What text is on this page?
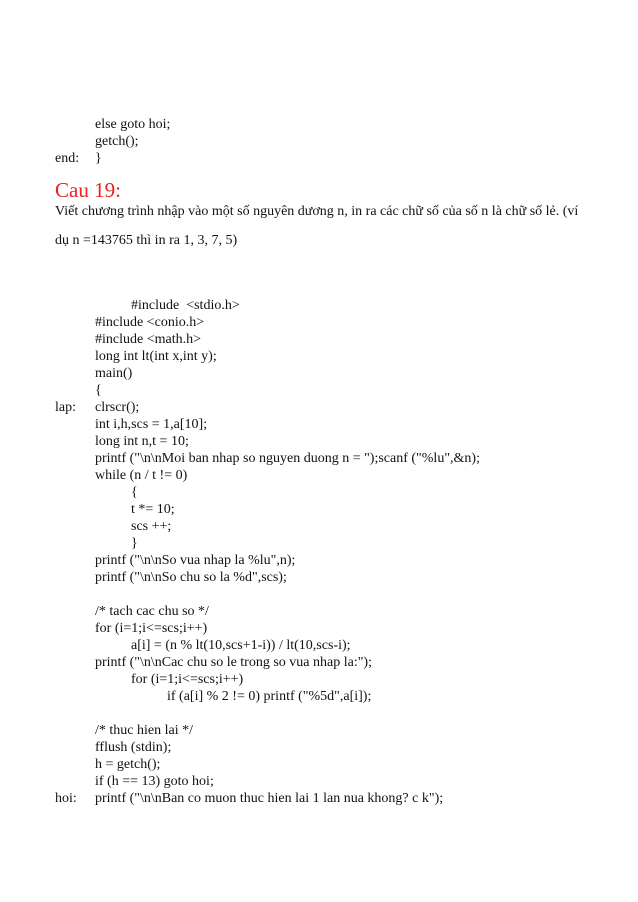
else goto hoi;
getch();
end: }
Cau 19:
Viết chương trình nhập vào một số nguyên dương n, in ra các chữ số của số n là chữ số lẻ. (ví
dụ n =143765 thì in ra 1, 3, 7, 5)
#include  <stdio.h>
#include <conio.h>
#include <math.h>
long int lt(int x,int y);
main()
{
lap: clrscr();
int i,h,scs = 1,a[10];
long int n,t = 10;
printf ("\n\nMoi ban nhap so nguyen duong n = ");scanf ("%lu",&n);
while (n / t != 0)
{
t *= 10;
scs ++;
}
printf ("\n\nSo vua nhap la %lu",n);
printf ("\n\nSo chu so la %d",scs);
/* tach cac chu so */
for (i=1;i<=scs;i++)
a[i] = (n % lt(10,scs+1-i)) / lt(10,scs-i);
printf ("\n\nCac chu so le trong so vua nhap la:");
for (i=1;i<=scs;i++)
if (a[i] % 2 != 0) printf ("%5d",a[i]);
/* thuc hien lai */
fflush (stdin);
h = getch();
if (h == 13) goto hoi;
hoi: printf ("\n\nBan co muon thuc hien lai 1 lan nua khong? c k");
